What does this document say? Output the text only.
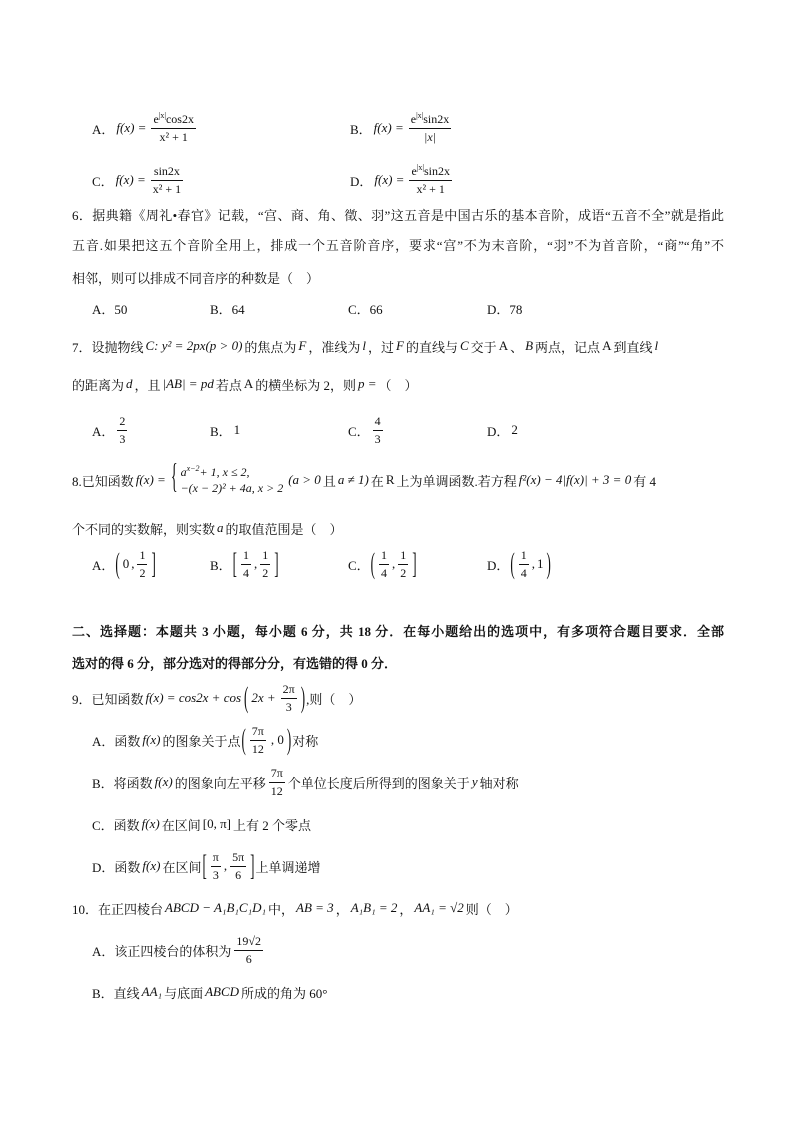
A． $f(x) = \frac{e^{|x|}\cos 2x}{\text{x² + 1}}$	B． $f(x) = \frac{e^{|x|}\sin 2x}{|x|}$
C． $f(x) = \frac{\sin 2x}{\text{x² + 1}}$	D． $f(x) = \frac{e^{|x|}\sin 2x}{\text{x² + 1}}$
6．据典籍《周礼•春官》记载，“宫、商、角、徵、羽”这五音是中国古乐的基本音阶，成语“五音不全”就是指此
五音.如果把这五个音阶全用上，排成一个五音阶音序，要求“宫”不为末音阶，“羽”不为首音阶，“商”“角”不
相邻，则可以排成不同音序的种数是（　）
A．50	B．64	C．66	D．78
7．设抛物线 C: y² = 2px(p > 0) 的焦点为 F ，准线为 l ，过 F 的直线与 C 交于 A 、 B 两点，记点 A 到直线 l
的距离为 d ，且 |AB| = pd 若点 A 的横坐标为 2，则 p = （　）
A． $\frac{2}{3}$	B． 1	C． $\frac{4}{3}$	D． 2
8.已知函数 f(x) = { $a^{x-2}+ 1$, x ≤ 2,
−(x − 2)² + 4a, x > 2
(a > 0 且 a ≠ 1) 在 R 上为单调函数.若方程 f²(x) − 4|f(x)| + 3 = 0 有 4
个不同的实数解，则实数 a 的取值范围是（　）
A． ( 0 , $\frac{1}{2}$ ]	B． [ $\frac{1}{4}$ , $\frac{1}{2}$ ]	C． ( $\frac{1}{4}$ , $\frac{1}{2}$ ]	D． ( $\frac{1}{4}$ , 1 )
二、选择题：本题共 3 小题，每小题 6 分，共 18 分．在每小题给出的选项中，有多项符合题目要求．全部
选对的得 6 分，部分选对的得部分分，有选错的得 0 分．
9．已知函数 f(x) = cos2x + cos ( $2x + \frac{2\pi}{3}$ ) ,则（　）
A．函数 f(x) 的图象关于点 ( $\frac{7\pi}{12}$ , 0 ) 对称
B．将函数 f(x) 的图象向左平移 $\frac{7\pi}{12}$ 个单位长度后所得到的图象关于 y 轴对称
C．函数 f(x) 在区间 [0, π] 上有 2 个零点
D．函数 f(x) 在区间 [ $\frac{\pi}{3}$ , $\frac{5\pi}{6}$ ] 上单调递增
10．在正四棱台 ABCD − A₁B₁C₁D₁ 中， AB = 3 ， A₁B₁ = 2 ， AA₁ = √2 则（　）
A．该正四棱台的体积为 $\frac{19√2}{6}$
B．直线 AA₁ 与底面 ABCD 所成的角为 60°
